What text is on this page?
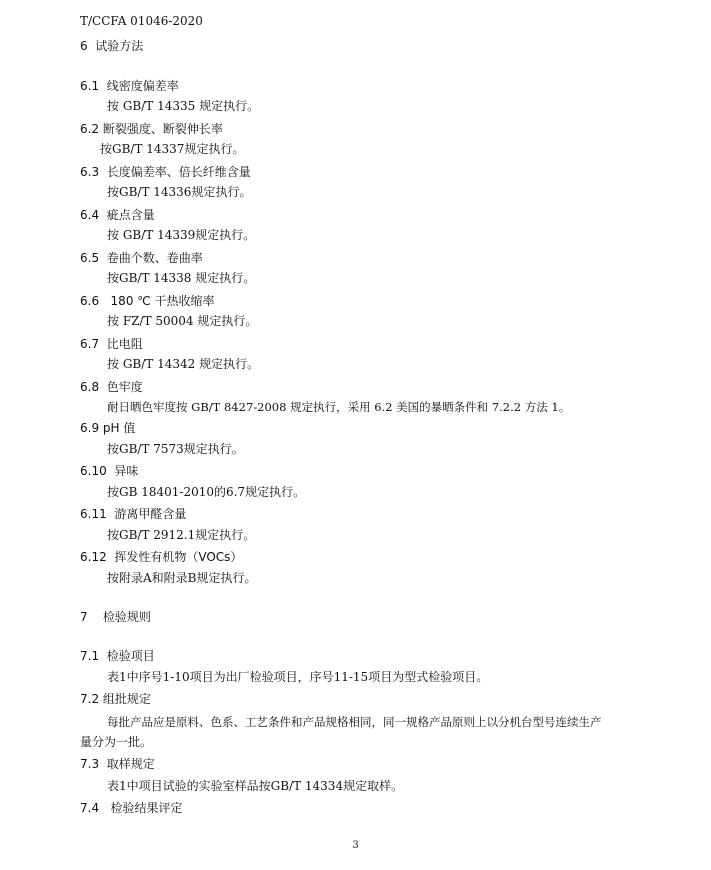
T/CCFA 01046-2020
6 试验方法
6.1 线密度偏差率
按 GB/T 14335 规定执行。
6.2 断裂强度、断裂伸长率
按GB/T 14337规定执行。
6.3 长度偏差率、倍长纤维含量
按GB/T 14336规定执行。
6.4 疵点含量
按 GB/T 14339规定执行。
6.5 卷曲个数、卷曲率
按GB/T 14338 规定执行。
6.6 180 ℃ 干热收缩率
按 FZ/T 50004 规定执行。
6.7 比电阻
按 GB/T 14342 规定执行。
6.8 色牢度
耐日晒色牢度按 GB/T 8427-2008 规定执行，采用 6.2 美国的暴晒条件和 7.2.2 方法 1。
6.9 pH 值
按GB/T 7573规定执行。
6.10 异味
按GB 18401-2010的6.7规定执行。
6.11 游离甲醛含量
按GB/T 2912.1规定执行。
6.12 挥发性有机物（VOCs）
按附录A和附录B规定执行。
7 检验规则
7.1 检验项目
表1中序号1-10项目为出厂检验项目，序号11-15项目为型式检验项目。
7.2 组批规定
每批产品应是原料、色系、工艺条件和产品规格相同，同一规格产品原则上以分机台型号连续生产
量分为一批。
7.3 取样规定
表1中项目试验的实验室样品按GB/T 14334规定取样。
7.4 检验结果评定
3
